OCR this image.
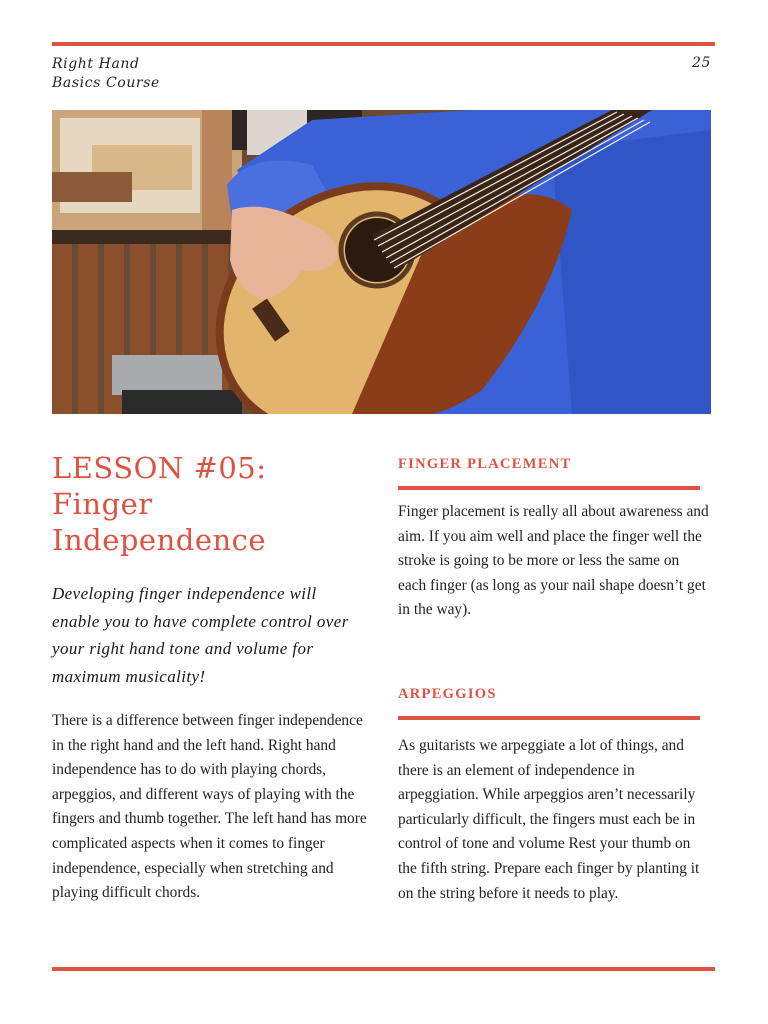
Right Hand
Basics Course
25
LESSON #05:
Finger
Independence

Developing finger independence will enable you to have complete control over your right hand tone and volume for maximum musicality!

There is a difference between finger independence in the right hand and the left hand. Right hand independence has to do with playing chords, arpeggios, and different ways of playing with the fingers and thumb together. The left hand has more complicated aspects when it comes to finger independence, especially when stretching and playing difficult chords.

FINGER PLACEMENT

Finger placement is really all about awareness and aim. If you aim well and place the finger well the stroke is going to be more or less the same on each finger (as long as your nail shape doesn’t get in the way).

ARPEGGIOS

As guitarists we arpeggiate a lot of things, and there is an element of independence in arpeggiation. While arpeggios aren’t necessarily particularly difficult, the fingers must each be in control of tone and volume Rest your thumb on the fifth string. Prepare each finger by planting it on the string before it needs to play.
